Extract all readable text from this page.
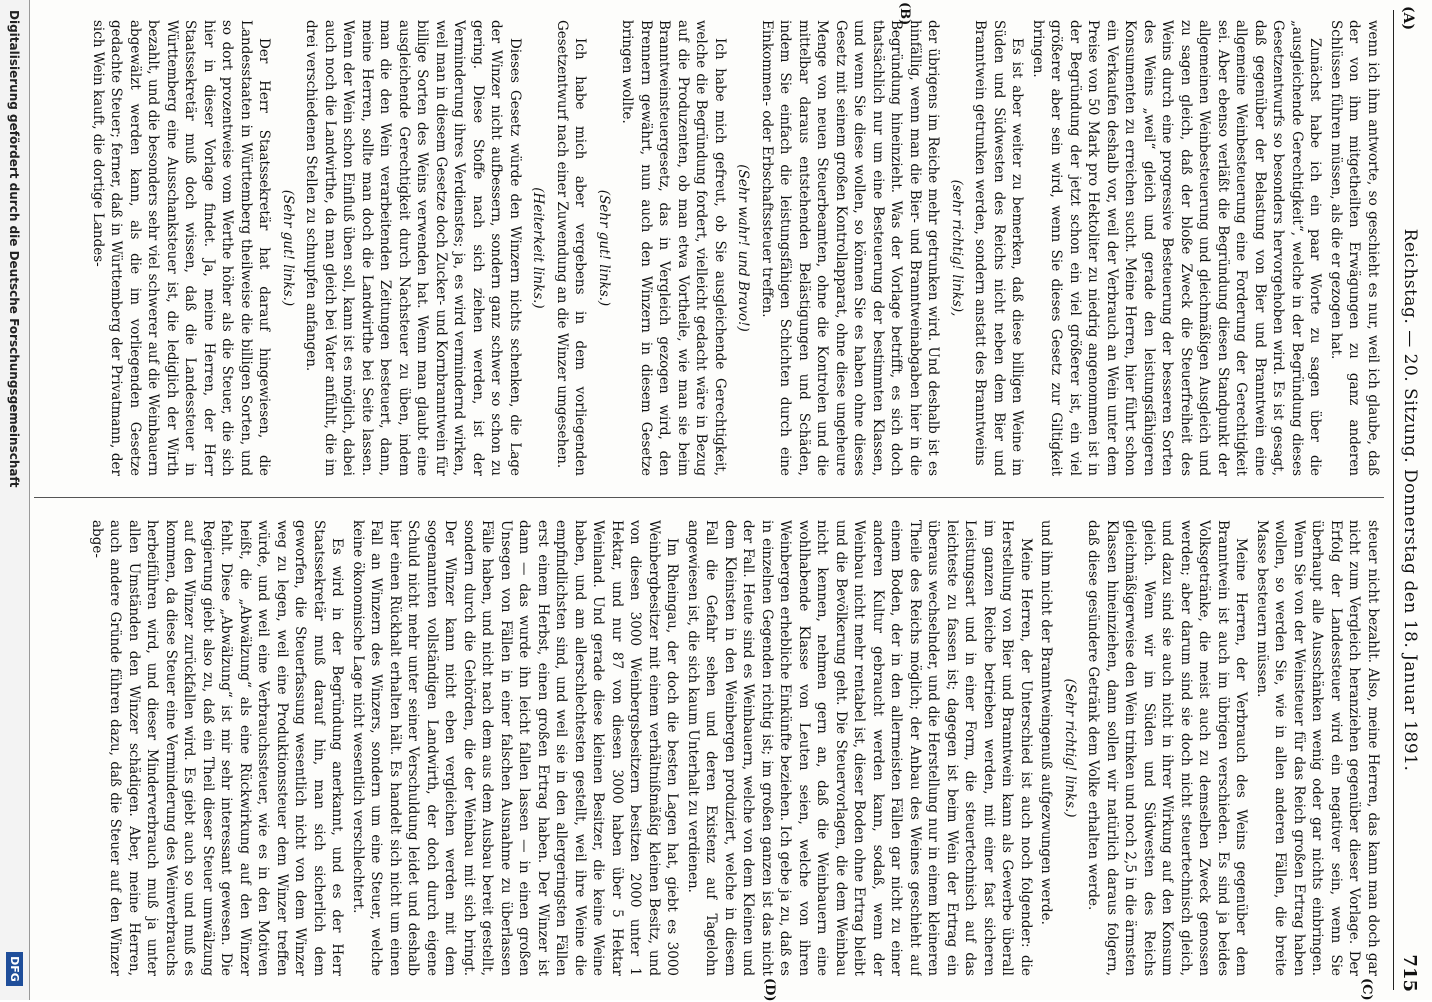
(A)
Reichstag. — 20. Sitzung. Donnerstag den 18. Januar 1891.
715

wenn ich ihm antworte, so geschieht es nur, weil ich glaube, daß der von ihm mitgetheilten Erwägungen zu ganz anderen Schlüssen führen müssen, als die er gezogen hat.

Zunächst habe ich ein paar Worte zu sagen über die „ausgleichende Gerechtigkeit“, welche in der Begründung dieses Gesetzentwurfs so besonders hervorgehoben wird. Es ist gesagt, daß gegenüber der Belastung von Bier und Branntwein eine allgemeine Weinbesteuerung eine Forderung der Gerechtigkeit sei. Aber ebenso verläßt die Begründung diesen Standpunkt der allgemeinen Weinbesteuerung und gleichmäßigen Ausgleich und zu sagen gleich, daß der bloße Zweck die Steuerfreiheit des Weins durch eine progressive Besteuerung der besseren Sorten des Weins „weil“ gleich und gerade den leistungsfähigeren Konsumenten zu erreichen sucht. Meine Herren, hier führt schon ein Verkaufen deshalb vor, weil der Verbrauch an Wein unter dem Preise von 50 Mark pro Hektoliter zu niedrig angenommen ist in der Begründung der jetzt schon ein viel größerer ist, ein viel größerer aber sein wird, wenn Sie dieses Gesetz zur Giltigkeit bringen.

Es ist aber weiter zu bemerken, daß diese billigen Weine im Süden und Südwesten des Reichs nicht neben dem Bier und Branntwein getrunken werden, sondern anstatt des Branntweins

(sehr richtig! links),

der übrigens im Reiche mehr getrunken wird. Und deshalb ist es hinfällig, wenn man die Bier- und Branntweinabgaben hier in die Begründung hineinzieht. Was der Vorlage betrifft, es sich doch thatsächlich nur um eine Besteuerung der bestimmten Klassen, und wenn Sie diese wollen, so können Sie es haben ohne dieses Gesetz mit seinem großen Kontrollapparat, ohne diese ungeheure Menge von neuen Steuerbeamten, ohne die Kontrolen und die mittelbar daraus entstehenden Belästigungen und Schäden, indem Sie einfach die leistungsfähigen Schichten durch eine Einkommen- oder Erbschaftssteuer treffen.

(Sehr wahr! und Bravo!)

Ich habe mich gefreut, ob Sie ausgleichende Gerechtigkeit, welche die Begründung fordert, vielleicht gedacht wäre in Bezug auf die Produzenten, ob man etwa Vortheile, wie man sie beim Branntweinsteuergesetz, das in Vergleich gezogen wird, den Brennern gewährt, nun auch den Winzern in diesem Gesetze bringen wollte.

(Sehr gut! links.)

Ich habe mich aber vergebens in dem vorliegenden Gesetzentwurf nach einer Zuwendung an die Winzer umgesehen.

(Heiterkeit links.)

Dieses Gesetz würde den Winzern nichts schenken, die Lage der Winzer nicht aufbessern, sondern ganz schwer so schon zu gering. Diese Stoffe nach sich ziehen werden, ist der Verminderung ihres Verdienstes; ja, es wird vermindernd wirken, weil man in diesem Gesetze doch Zucker- und Kornbranntwein für billige Sorten des Weins verwenden hat. Wenn man glaubt eine ausgleichende Gerechtigkeit durch Nachsteuer zu üben, indem man die den Wein verarbeitenden Zeitungen besteuert, dann, meine Herren, sollte man doch die Landwirthe bei Seite lassen. Wenn der Wein schon Einfluß üben soll, kann ist es möglich, dabei auch noch die Landwirthe, da man gleich bei Vater anfühlt, die im drei verschiedenen Stellen zu schnupfen anfangen.

(Sehr gut! links.)

Der Herr Staatssekretär hat darauf hingewiesen, die Landesstaaten in Württemberg theilweise die billigen Sorten, und so dort prozentweise vom Werthe höher als die Steuer, die sich hier in dieser Vorlage findet. Ja, meine Herren, der Herr Staatssekretär muß doch wissen, daß die Landessteuer in Württemberg eine Ausschanksteuer ist, die lediglich der Wirth bezahlt, und die besonders sehr viel schwerer auf die Weinbauern abgewälzt werden kann, als die im vorliegenden Gesetze gedachte Steuer; ferner, daß in Württemberg der Privatmann, der sich Wein kauft, die dortige Landes-

steuer nicht bezahlt. Also, meine Herren, das kann man doch gar nicht zum Vergleich heranziehen gegenüber dieser Vorlage. Der Erfolg der Landessteuer wird ein negativer sein, wenn Sie überhaupt alle Ausschänken wenig oder gar nichts einbringen. Wenn Sie von der Weinsteuer für das Reich großen Ertrag haben wollen, so werden Sie, wie in allen anderen Fällen, die breite Masse besteuern müssen.

Meine Herren, der Verbrauch des Weins gegenüber dem Branntwein ist auch im übrigen verschieden. Es sind ja beides Volksgetränke, die meist auch zu demselben Zweck genossen werden; aber darum sind sie doch nicht steuertechnisch gleich, und dazu sind sie auch nicht in ihrer Wirkung auf den Konsum gleich. Wenn wir im Süden und Südwesten des Reichs gleichmäßigerweise den Wein trinken und noch 2,5 in die ärmsten Klassen hineinziehen, dann sollen wir natürlich daraus folgern, daß diese gesündere Getränk dem Volke erhalten werde.

(Sehr richtig! links.)

und ihm nicht der Branntweingenuß aufgezwungen werde.

Meine Herren, der Unterschied ist auch noch folgender: die Herstellung von Bier und Branntwein kann als Gewerbe überall im ganzen Reiche betrieben werden, mit einer fast sicheren Leistungsart und in einer Form, die steuertechnisch auf das leichteste zu fassen ist; dagegen ist beim Wein der Ertrag ein überaus wechselnder, und die Herstellung nur in einem kleineren Theile des Reichs möglich; der Anbau des Weines geschieht auf einem Boden, der in den allermeisten Fällen gar nicht zu einer anderen Kultur gebraucht werden kann, sodaß, wenn der Weinbau nicht mehr rentabel ist, dieser Boden ohne Ertrag bleibt und die Bevölkerung geht. Die Steuervorlagen, die dem Weinbau nicht kennen, nehmen gern an, daß die Weinbauern eine wohlhabende Klasse von Leuten seien, welche von ihren Weinbergen erhebliche Einkünfte beziehen. Ich gebe ja zu, daß es in einzelnen Gegenden richtig ist; im großen ganzen ist das nicht der Fall. Heute sind es Weinbauern, welche von dem Kleinen und dem Kleinsten in den Weinbergen produziert, welche in diesem Fall die Gefahr sehen und deren Existenz auf Tagelohn angewiesen ist, die sich kaum Unterhalt zu verdienen.

Im Rheingau, der doch die besten Lagen hat, giebt es 3000 Weinbergbesitzer mit einem verhältnißmäßig kleinen Besitz, und von diesen 3000 Weinbergsbesitzern besitzen 2000 unter 1 Hektar, und nur 87 von diesen 3000 haben über 5 Hektar Weinland. Und gerade diese kleinen Besitzer, die keine Weine haben, und am allerschlechtesten gestellt, weil ihre Weine die empfindlichsten sind, und weil sie in den allergeringsten Fällen erst einem Herbst, einen großen Ertrag haben. Der Winzer ist dann — das wurde ihn leicht fallen lassen — in einen großen Unsegen von Fällen in einer falschen Ausnahme zu überlassen Fälle haben, und nicht nach dem aus dem Ausbau bereit gestellt, sondern durch die Gehörden, die der Weinbau mit sich bringt. Der Winzer kann nicht eben vergleichen werden mit dem sogenannten vollständigen Landwirth, der doch durch eigene Schuld nicht mehr unter seiner Verschuldung leidet und deshalb hier einen Rückhalt erhalten hält. Es handelt sich nicht um einen Fall an Winzern des Winzers, sondern um eine Steuer, welche keine ökonomische Lage nicht wesentlich verschlechtert.

Es wird in der Begründung anerkannt, und es der Herr Staatssekretär muß darauf hin, man sich sicherlich dem geworfen, die Steuerfassung wesentlich nicht von dem Winzer weg zu legen, weil eine Produktionssteuer dem Winzer treffen würde, und weil eine Verbrauchssteuer, wie es in den Motiven heißt, die „Abwälzung“ als eine Rückwirkung auf den Winzer fehlt. Diese „Abwälzung“ ist mir sehr interessant gewesen. Die Regierung giebt also zu, daß ein Theil dieser Steuer umwälzung auf den Winzer zurückfallen wird. Es giebt auch so und muß es kommen, da diese Steuer eine Verminderung des Weinverbrauchs herbeiführen wird, und dieser Minderverbrauch muß ja unter allen Umständen den Winzer schädigen. Aber, meine Herren, auch andere Gründe führen dazu, daß die Steuer auf den Winzer abge-

(B)
(C)
(D)
Digitalisierung gefördert durch die Deutsche Forschungsgemeinschaft
DFG
